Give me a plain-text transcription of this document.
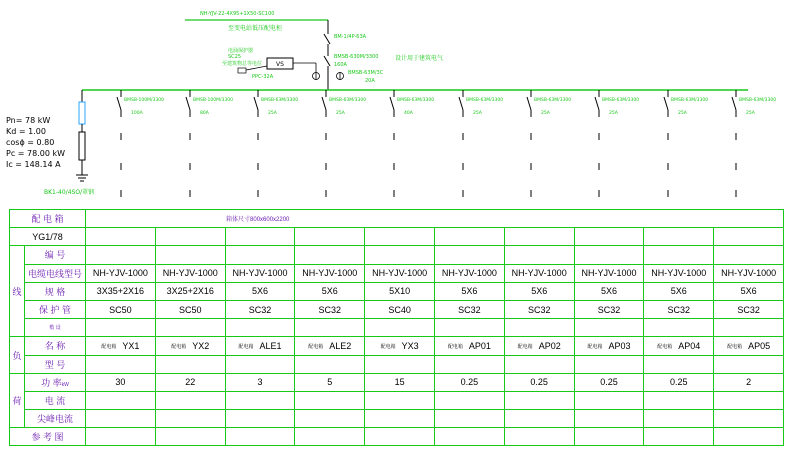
NH-YJV-22-4X95+1X50-SC100
至变电站低压配电柜
BM-1/4P-63A
BMSB-630M/3300
160A
BMSB-63M/3C
20A
设计用于建筑电气
电涌保护器
SC25
至建筑物总等电位
PPC-32A
VS
BK1-40/4SO/罩钢
BMSB-100M/3300
100A
BMSB-100M/3300
80A
BMSB-63M/3300
25A
BMSB-63M/3300
25A
BMSB-63M/3300
40A
BMSB-63M/3300
25A
BMSB-63M/3300
25A
BMSB-63M/3300
25A
BMSB-63M/3300
25A
BMSB-63M/3300
25A
Pn= 78 kW
Kd = 1.00
cosϕ = 0.80
Pc = 78.00 kW
Ic = 148.14 A
配 电 箱		箱体尺寸800x600x2200									
YG1/78											
线	编 号										
	电缆电线型号	NH-YJV-1000	NH-YJV-1000	NH-YJV-1000	NH-YJV-1000	NH-YJV-1000	NH-YJV-1000	NH-YJV-1000	NH-YJV-1000	NH-YJV-1000	NH-YJV-1000
	规 格	3X35+2X16	3X25+2X16	5X6	5X6	5X10	5X6	5X6	5X6	5X6	5X6
	保 护 管	SC50	SC50	SC32	SC32	SC40	SC32	SC32	SC32	SC32	SC32
	敷 设										
负	名 称	配电箱 YX1	配电箱 YX2	配电箱 ALE1	配电箱 ALE2	配电箱 YX3	配电箱 AP01	配电箱 AP02	配电箱 AP03	配电箱 AP04	配电箱 AP05
	型 号										
荷	功 率kW	30	22	3	5	15	0.25	0.25	0.25	0.25	2
	电 流										
	尖峰电流										
参 考 图											
